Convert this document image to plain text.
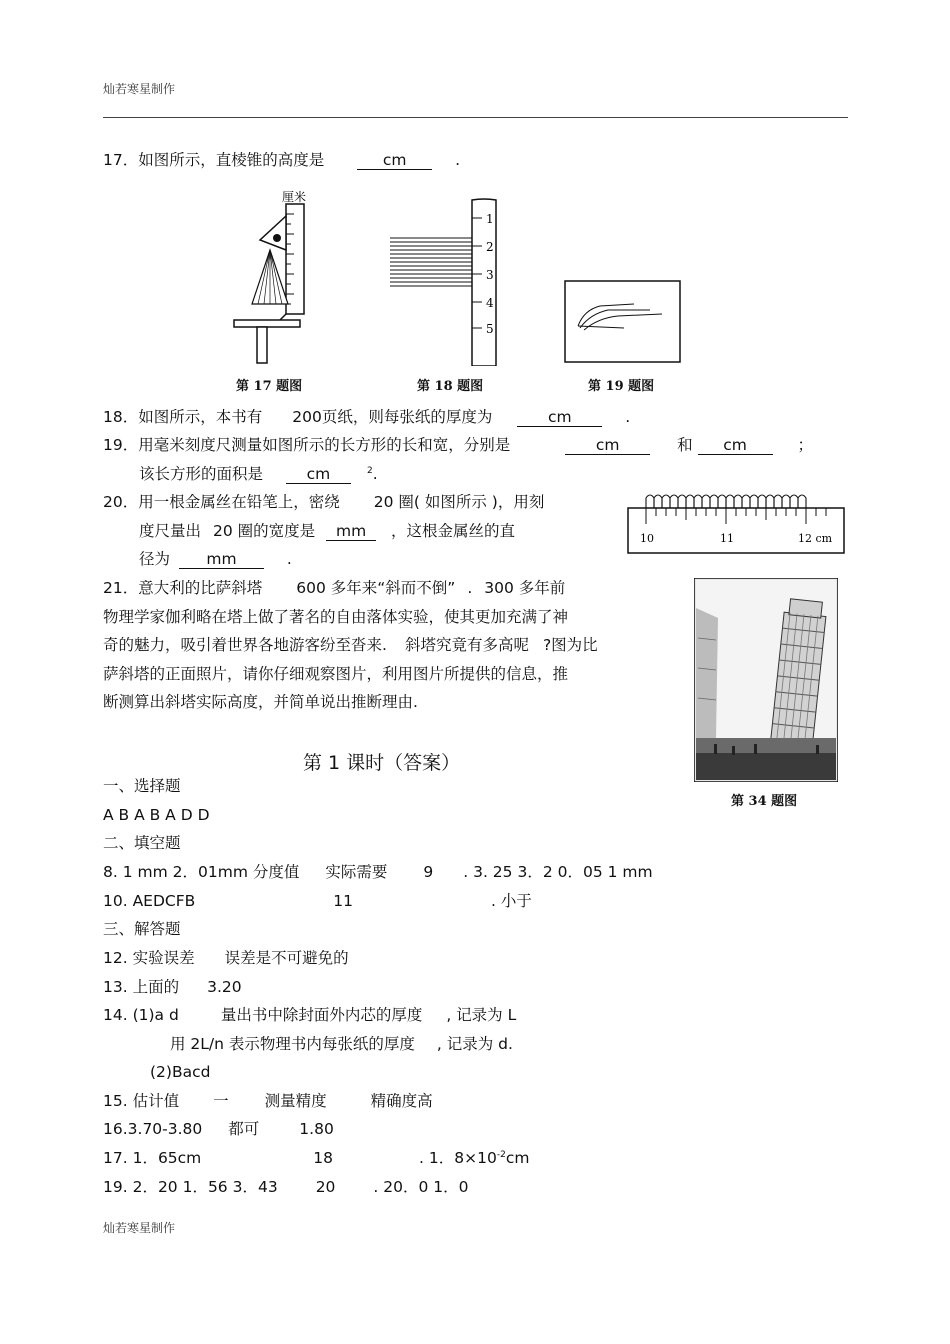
灿若寒星制作
17．如图所示，直棱锥的高度是	cm	.
厘米
第 17 题图
1
2
3
4
5
第 18 题图	第 19 题图
18．如图所示，本书有 200页纸，则每张纸的厚度为	cm	.
19．用毫米刻度尺测量如图所示的长方形的长和宽，分别是	cm	和 cm	；
该长方形的面积是	cm	$^2$.
20．用一根金属丝在铅笔上，密绕 20 圈( 如图所示 )，用刻
度尺量出 20 圈的宽度是 mm ，这根金属丝的直
径为 mm	.
10	11	12 cm
21．意大利的比萨斜塔 600 多年来“斜而不倒” . 300 多年前
物理学家伽利略在塔上做了著名的自由落体实验，使其更加充满了神
奇的魅力，吸引着世界各地游客纷至沓来. 斜塔究竟有多高呢 ?图为比
萨斜塔的正面照片，请你仔细观察图片，利用图片所提供的信息，推
断测算出斜塔实际高度，并简单说出推断理由.
第 34 题图
第 1 课时（答案）
一、选择题
A B A B A D D
二、填空题
8. 1 mm 2．01mm 分度值 实际需要 9 . 3. 25 3．2 0．05 1 mm
10. AEDCFB	11	. 小于
三、解答题
12. 实验误差 误差是不可避免的
13. 上面的 3.20
14. (1)a d	量出书中除封面外内芯的厚度 , 记录为 L
用 2L/n 表示物理书内每张纸的厚度 , 记录为 d.
(2)Bacd
15. 估计值 一 测量精度	精确度高
16.3.70-3.80 都可	1.80
17. 1．65cm	18	. 1．$8\times 10^{-2}cm$
19. 2．20 1．56 3．43 20 . 20．0 1．0
灿若寒星制作
